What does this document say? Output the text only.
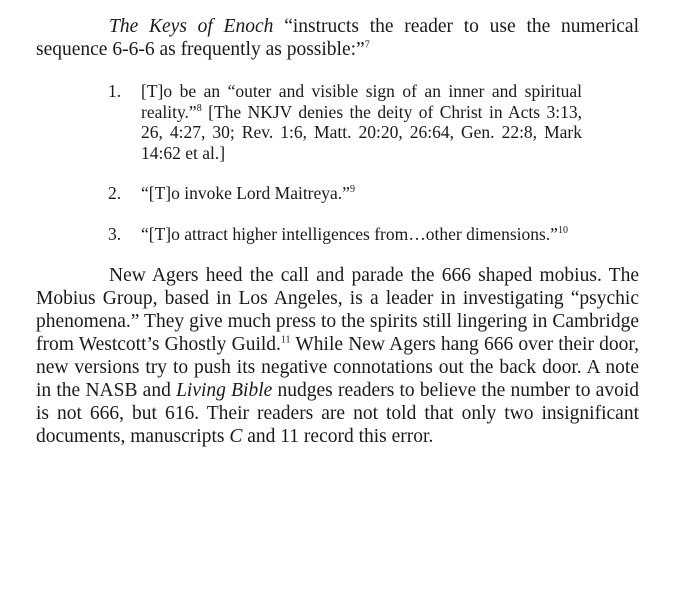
The Keys of Enoch “instructs the reader to use the numerical sequence 6-6-6 as frequently as possible:”$^7$

1.	[T]o be an “outer and visible sign of an inner and spiritual reality.”$^8$ [The NKJV denies the deity of Christ in Acts 3:13, 26, 4:27, 30; Rev. 1:6, Matt. 20:20, 26:64, Gen. 22:8, Mark 14:62 et al.]
2.	“[T]o invoke Lord Maitreya.”$^9$
3.	“[T]o attract higher intelligences from…other dimensions.”$^{10}$

New Agers heed the call and parade the 666 shaped mobius. The Mobius Group, based in Los Angeles, is a leader in investigating “psychic phenomena.” They give much press to the spirits still lingering in Cambridge from Westcott’s Ghostly Guild.$^{11}$ While New Agers hang 666 over their door, new versions try to push its negative connotations out the back door. A note in the NASB and Living Bible nudges readers to believe the number to avoid is not 666, but 616. Their readers are not told that only two insignificant documents, manuscripts C and 11 record this error.
